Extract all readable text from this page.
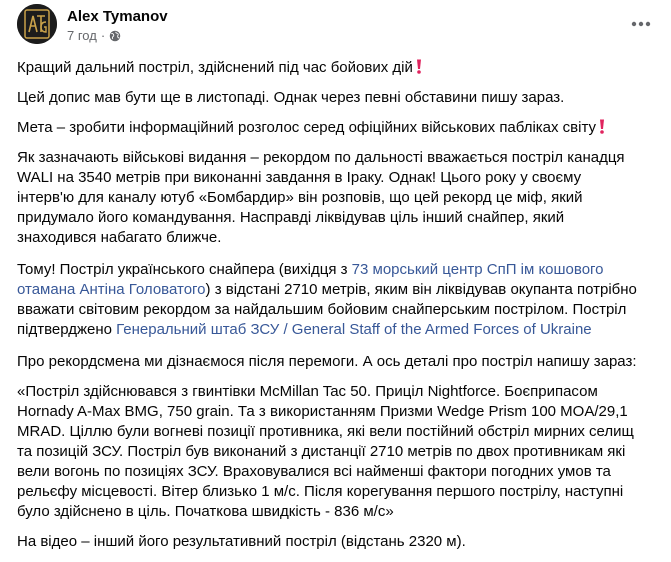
Alex Tymanov
7 год ·

Кращий дальний постріл, здійснений під час бойових дій

Цей допис мав бути ще в листопаді. Однак через певні обставини пишу зараз.

Мета – зробити інформаційний розголос серед офіційних військових пабліках світу

Як зазначають військові видання – рекордом по дальності вважається постріл канадця WALI на 3540 метрів при виконанні завдання в Іраку. Однак! Цього року у своєму інтерв'ю для каналу ютуб «Бомбардир» він розповів, що цей рекорд це міф, який придумало його командування. Насправді ліквідував ціль інший снайпер, який знаходився набагато ближче.

Тому! Постріл українського снайпера (вихідця з 73 морський центр СпП ім кошового отамана Антіна Головатого) з відстані 2710 метрів, яким він ліквідував окупанта потрібно вважати світовим рекордом за найдальшим бойовим снайперським пострілом. Постріл підтверджено Генеральний штаб ЗСУ / General Staff of the Armed Forces of Ukraine

Про рекордсмена ми дізнаємося після перемоги. А ось деталі про постріл напишу зараз:

«Постріл здійснювався з гвинтівки McMillan Tac 50. Приціл Nightforce. Боєприпасом Hornady A-Max BMG, 750 grain. Та з використанням Призми Wedge Prism 100 MOA/29,1 MRAD. Ціллю були вогневі позиції противника, які вели постійний обстріл мирних селищ та позицій ЗСУ. Постріл був виконаний з дистанції 2710 метрів по двох противникам які вели вогонь по позиціях ЗСУ. Враховувалися всі найменші фактори погодних умов та рельєфу місцевості. Вітер близько 1 м/с. Після корегування першого пострілу, наступні було здійснено в ціль. Початкова швидкість - 836 м/с»

На відео – інший його результативний постріл (відстань 2320 м).
